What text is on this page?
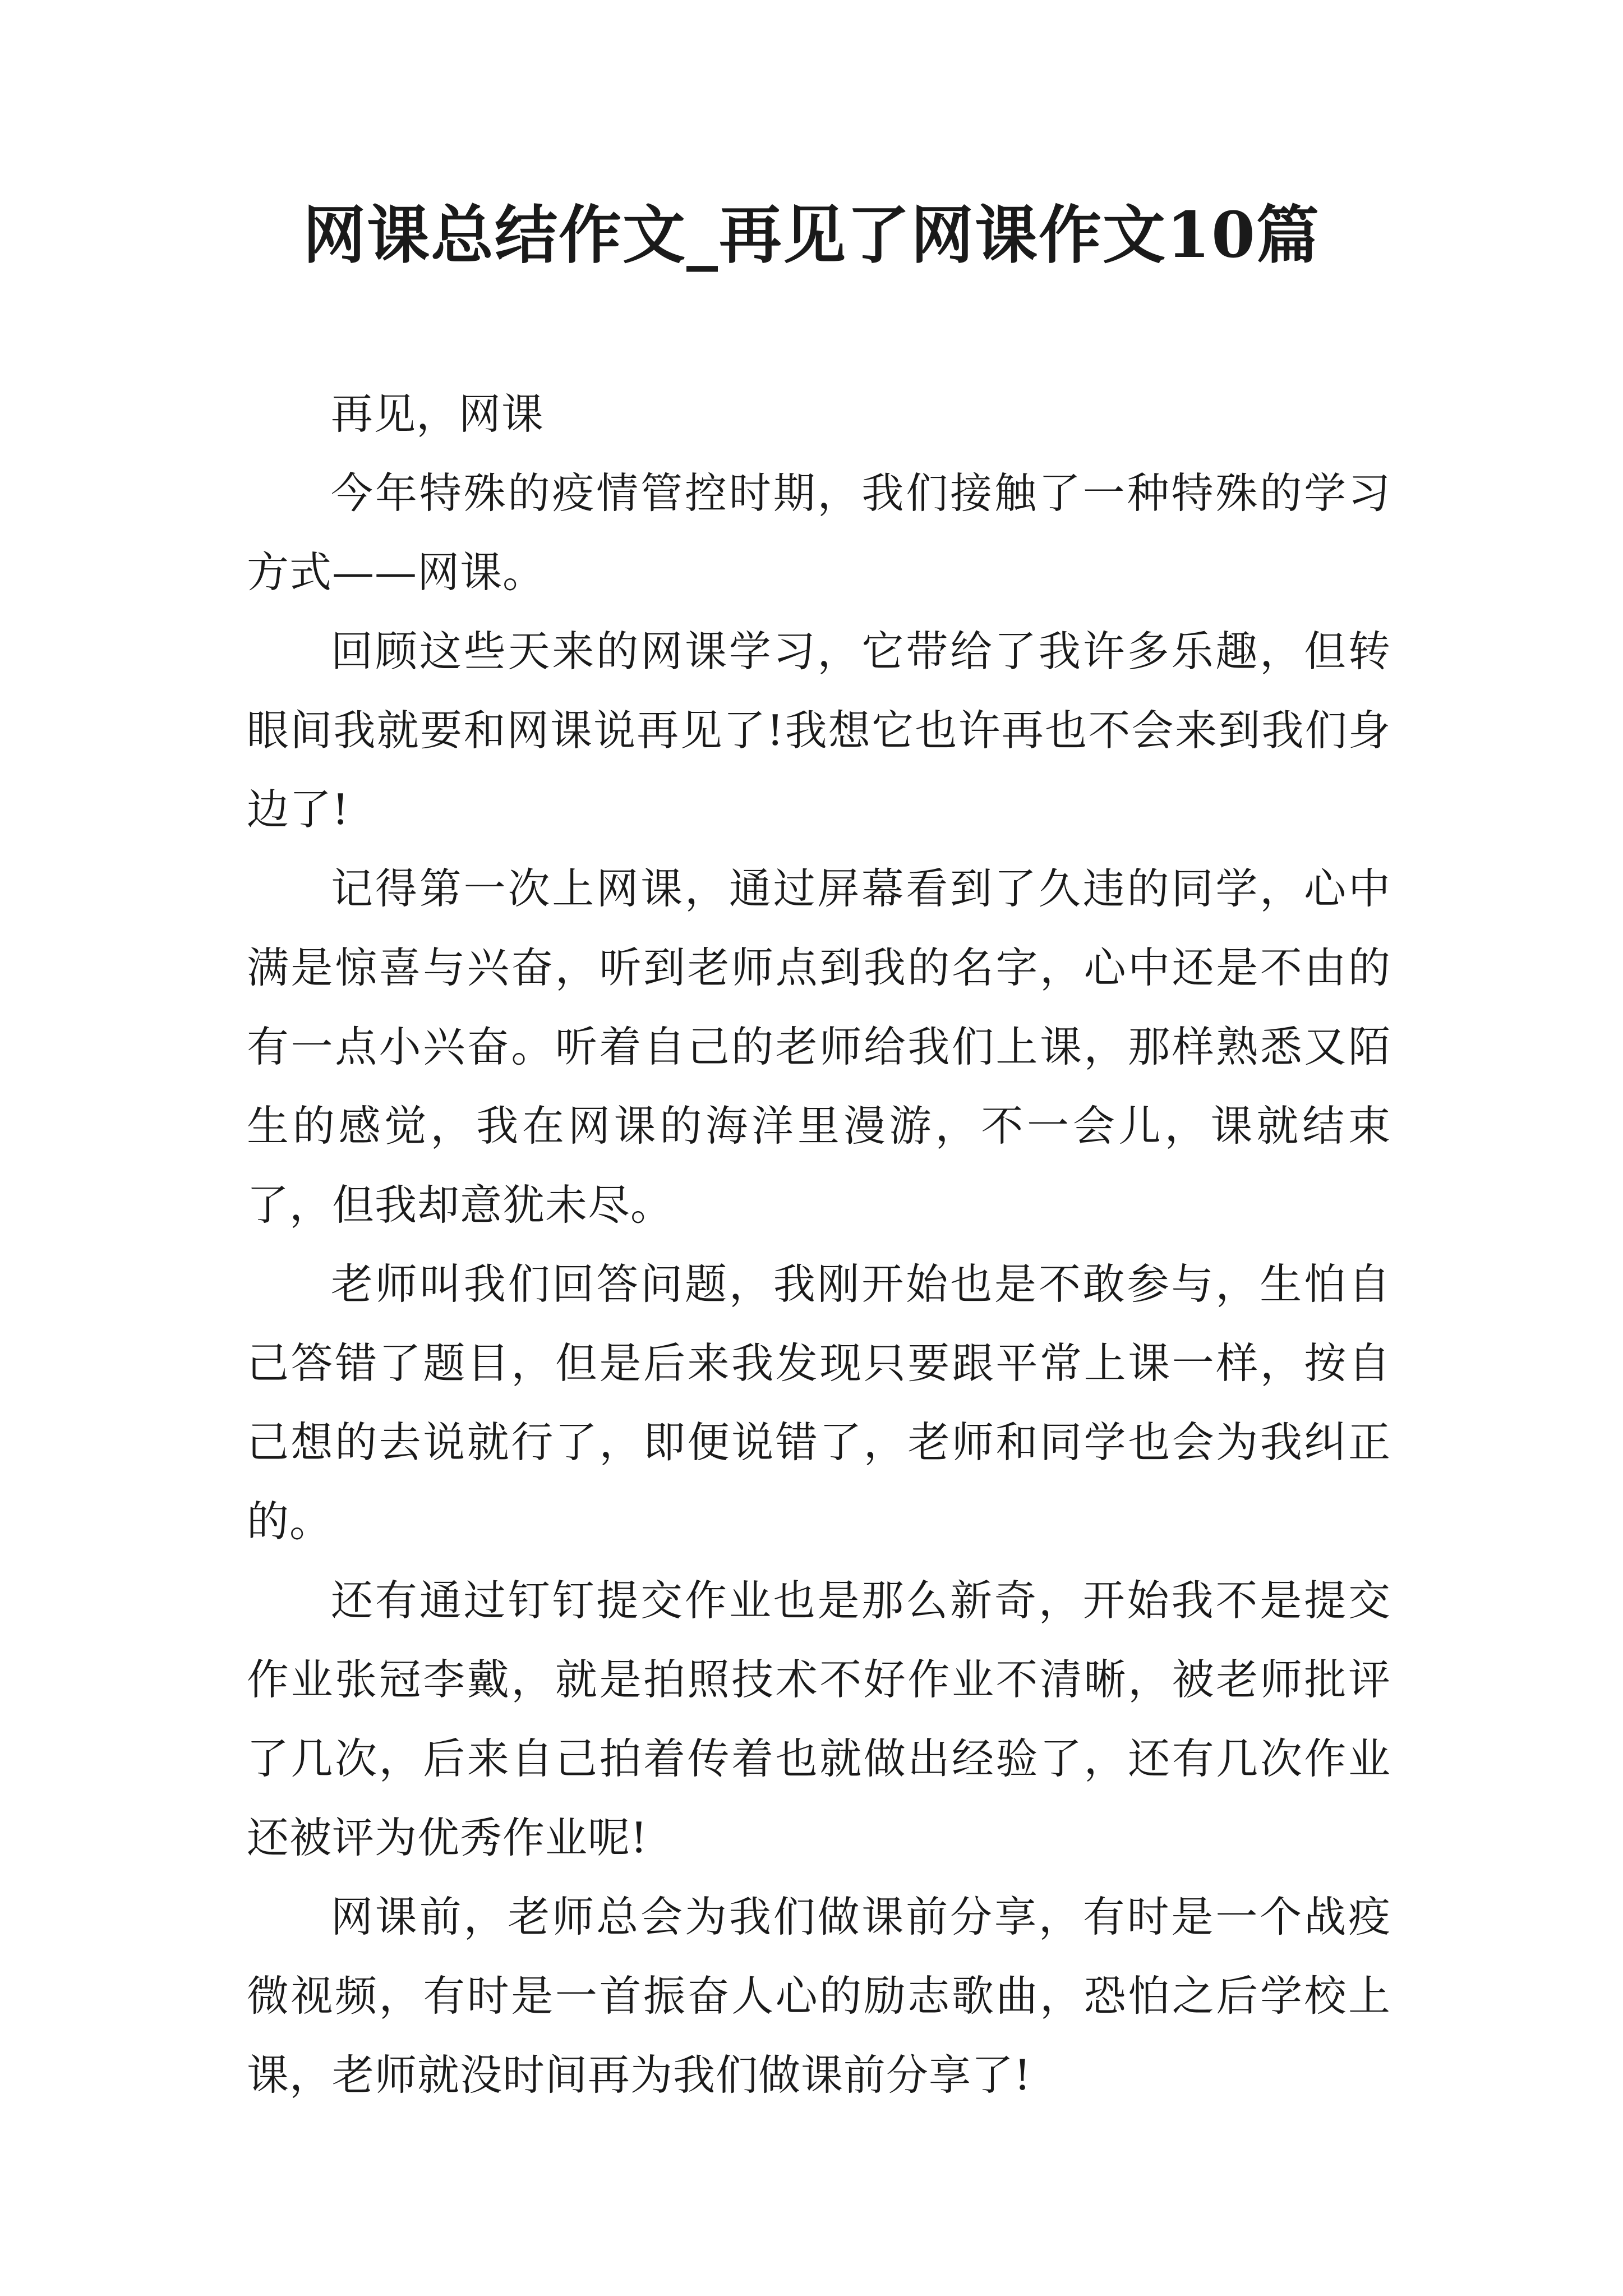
网课总结作文_再见了网课作文10篇

再见，网课

今年特殊的疫情管控时期，我们接触了一种特殊的学习方式——网课。

回顾这些天来的网课学习，它带给了我许多乐趣，但转眼间我就要和网课说再见了!我想它也许再也不会来到我们身边了!

记得第一次上网课，通过屏幕看到了久违的同学，心中满是惊喜与兴奋，听到老师点到我的名字，心中还是不由的有一点小兴奋。听着自己的老师给我们上课，那样熟悉又陌生的感觉，我在网课的海洋里漫游，不一会儿，课就结束了，但我却意犹未尽。

老师叫我们回答问题，我刚开始也是不敢参与，生怕自己答错了题目，但是后来我发现只要跟平常上课一样，按自己想的去说就行了，即便说错了，老师和同学也会为我纠正的。

还有通过钉钉提交作业也是那么新奇，开始我不是提交作业张冠李戴，就是拍照技术不好作业不清晰，被老师批评了几次，后来自己拍着传着也就做出经验了，还有几次作业还被评为优秀作业呢!

网课前，老师总会为我们做课前分享，有时是一个战疫微视频，有时是一首振奋人心的励志歌曲，恐怕之后学校上课，老师就没时间再为我们做课前分享了!
